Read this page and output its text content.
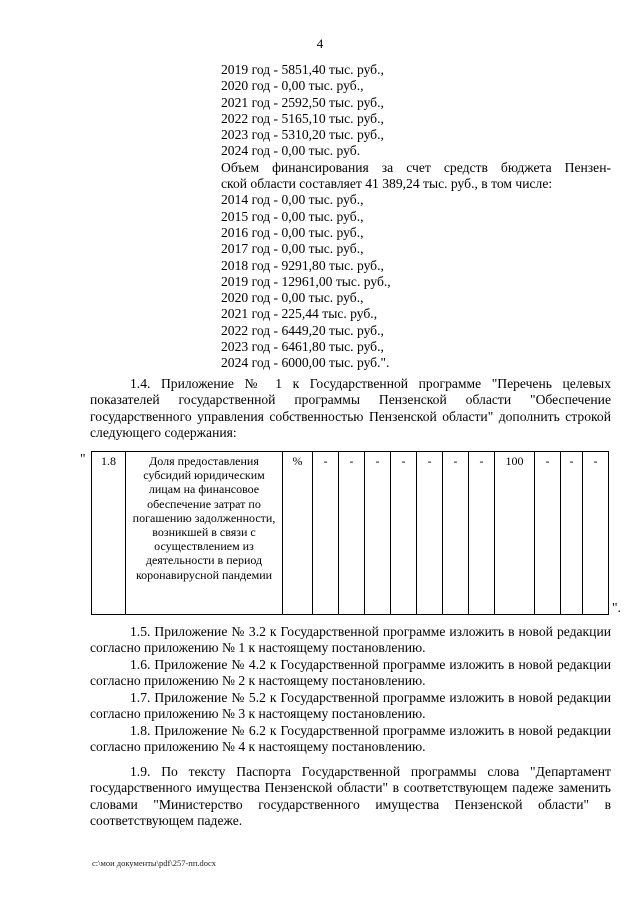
4
2019 год - 5851,40 тыс. руб.,
2020 год - 0,00 тыс. руб.,
2021 год - 2592,50 тыс. руб.,
2022 год - 5165,10 тыс. руб.,
2023 год - 5310,20 тыс. руб.,
2024 год - 0,00 тыс. руб.
Объем финансирования за счет средств бюджета Пензен-
ской области составляет 41 389,24 тыс. руб., в том числе:
2014 год - 0,00 тыс. руб.,
2015 год - 0,00 тыс. руб.,
2016 год - 0,00 тыс. руб.,
2017 год - 0,00 тыс. руб.,
2018 год - 9291,80 тыс. руб.,
2019 год - 12961,00 тыс. руб.,
2020 год - 0,00 тыс. руб.,
2021 год - 225,44 тыс. руб.,
2022 год - 6449,20 тыс. руб.,
2023 год - 6461,80 тыс. руб.,
2024 год - 6000,00 тыс. руб.".
1.4. Приложение № 1 к Государственной программе "Перечень целевых показателей государственной программы Пензенской области "Обеспечение государственного управления собственностью Пензенской области" дополнить строкой следующего содержания:
" 1.8	Доля предоставления субсидий юридическим лицам на финансовое обеспечение затрат по погашению задолженности, возникшей в связи с осуществлением из деятельности в период коронавирусной пандемии	%	-	-	-	-	-	-	-	100	-	-	-
".
1.5. Приложение № 3.2 к Государственной программе изложить в новой редакции согласно приложению № 1 к настоящему постановлению.
1.6. Приложение № 4.2 к Государственной программе изложить в новой редакции согласно приложению № 2 к настоящему постановлению.
1.7. Приложение № 5.2 к Государственной программе изложить в новой редакции согласно приложению № 3 к настоящему постановлению.
1.8. Приложение № 6.2 к Государственной программе изложить в новой редакции согласно приложению № 4 к настоящему постановлению.
1.9. По тексту Паспорта Государственной программы слова "Департамент государственного имущества Пензенской области" в соответствующем падеже заменить словами "Министерство государственного имущества Пензенской области" в соответствующем падеже.
c:\мои документы\pdf\257-пп.docx
